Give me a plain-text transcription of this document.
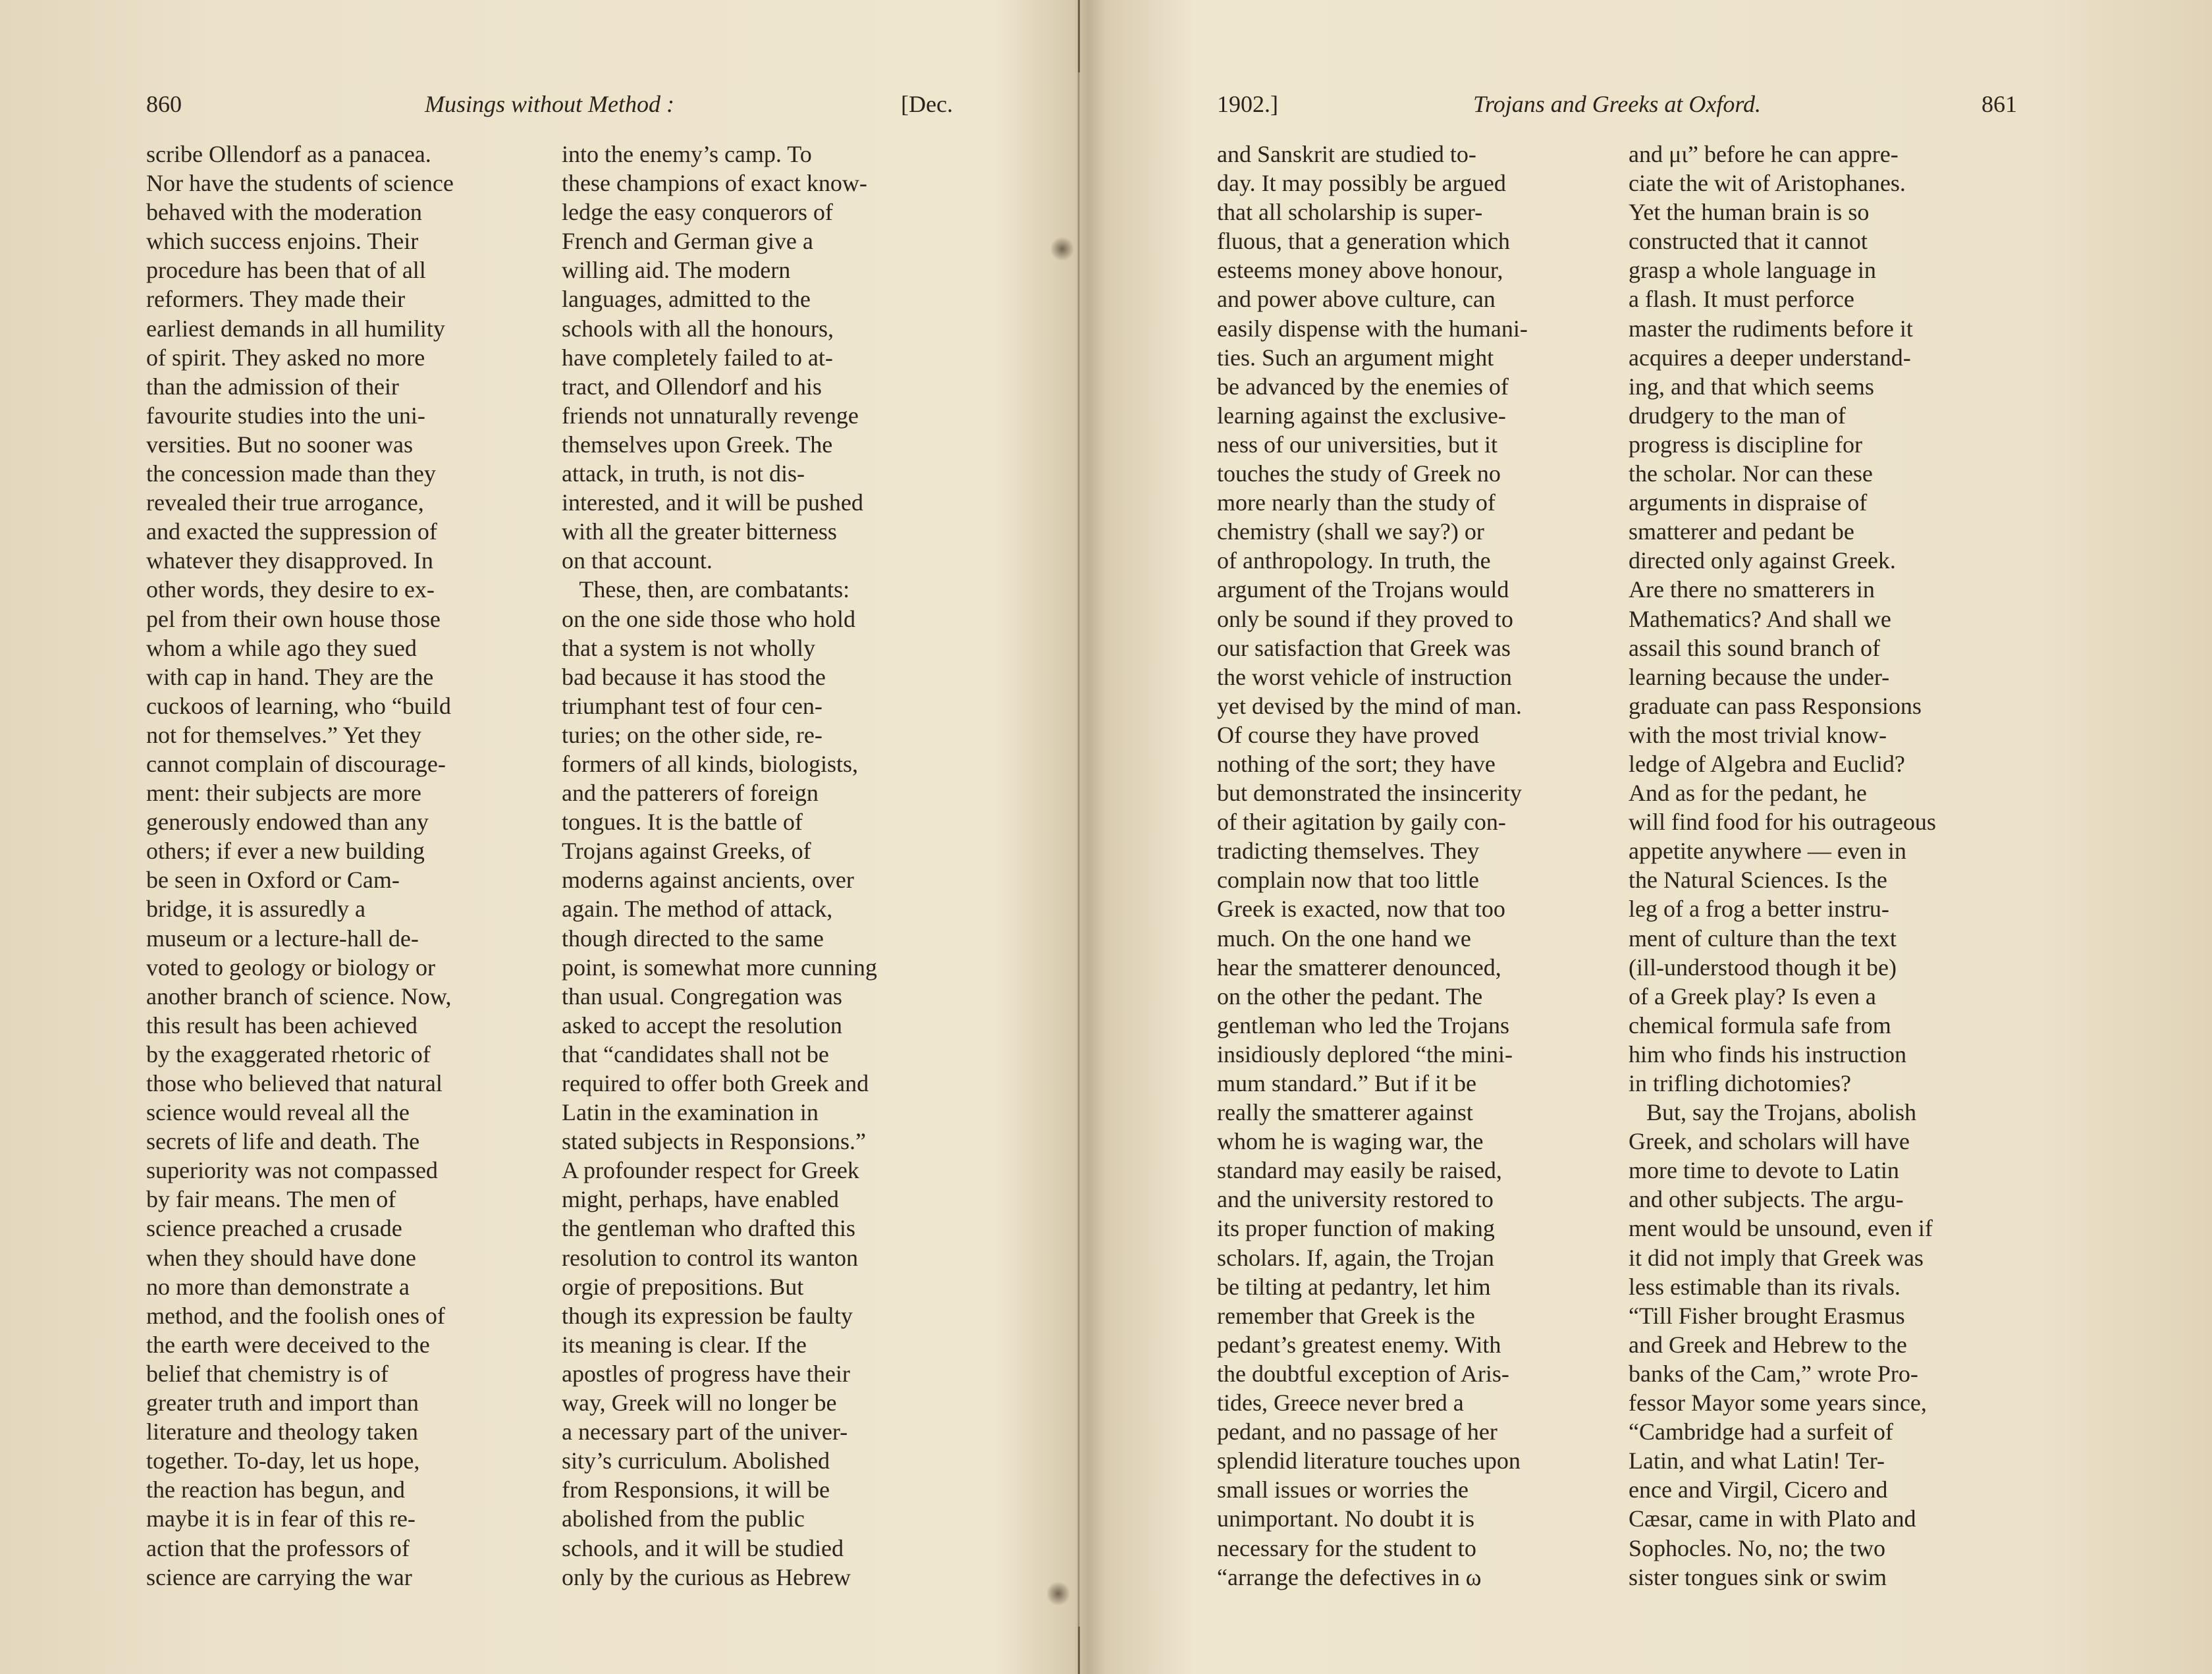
860	Musings without Method :	[Dec.
scribe Ollendorf as a panacea.
Nor have the students of science
behaved with the moderation
which success enjoins. Their
procedure has been that of all
reformers. They made their
earliest demands in all humility
of spirit. They asked no more
than the admission of their
favourite studies into the uni-
versities. But no sooner was
the concession made than they
revealed their true arrogance,
and exacted the suppression of
whatever they disapproved. In
other words, they desire to ex-
pel from their own house those
whom a while ago they sued
with cap in hand. They are the
cuckoos of learning, who “build
not for themselves.” Yet they
cannot complain of discourage-
ment: their subjects are more
generously endowed than any
others; if ever a new building
be seen in Oxford or Cam-
bridge, it is assuredly a
museum or a lecture-hall de-
voted to geology or biology or
another branch of science. Now,
this result has been achieved
by the exaggerated rhetoric of
those who believed that natural
science would reveal all the
secrets of life and death. The
superiority was not compassed
by fair means. The men of
science preached a crusade
when they should have done
no more than demonstrate a
method, and the foolish ones of
the earth were deceived to the
belief that chemistry is of
greater truth and import than
literature and theology taken
together. To-day, let us hope,
the reaction has begun, and
maybe it is in fear of this re-
action that the professors of
science are carrying the war
into the enemy’s camp. To
these champions of exact know-
ledge the easy conquerors of
French and German give a
willing aid. The modern
languages, admitted to the
schools with all the honours,
have completely failed to at-
tract, and Ollendorf and his
friends not unnaturally revenge
themselves upon Greek. The
attack, in truth, is not dis-
interested, and it will be pushed
with all the greater bitterness
on that account.
These, then, are combatants:
on the one side those who hold
that a system is not wholly
bad because it has stood the
triumphant test of four cen-
turies; on the other side, re-
formers of all kinds, biologists,
and the patterers of foreign
tongues. It is the battle of
Trojans against Greeks, of
moderns against ancients, over
again. The method of attack,
though directed to the same
point, is somewhat more cunning
than usual. Congregation was
asked to accept the resolution
that “candidates shall not be
required to offer both Greek and
Latin in the examination in
stated subjects in Responsions.”
A profounder respect for Greek
might, perhaps, have enabled
the gentleman who drafted this
resolution to control its wanton
orgie of prepositions. But
though its expression be faulty
its meaning is clear. If the
apostles of progress have their
way, Greek will no longer be
a necessary part of the univer-
sity’s curriculum. Abolished
from Responsions, it will be
abolished from the public
schools, and it will be studied
only by the curious as Hebrew
1902.]	Trojans and Greeks at Oxford.	861
and Sanskrit are studied to-
day. It may possibly be argued
that all scholarship is super-
fluous, that a generation which
esteems money above honour,
and power above culture, can
easily dispense with the humani-
ties. Such an argument might
be advanced by the enemies of
learning against the exclusive-
ness of our universities, but it
touches the study of Greek no
more nearly than the study of
chemistry (shall we say?) or
of anthropology. In truth, the
argument of the Trojans would
only be sound if they proved to
our satisfaction that Greek was
the worst vehicle of instruction
yet devised by the mind of man.
Of course they have proved
nothing of the sort; they have
but demonstrated the insincerity
of their agitation by gaily con-
tradicting themselves. They
complain now that too little
Greek is exacted, now that too
much. On the one hand we
hear the smatterer denounced,
on the other the pedant. The
gentleman who led the Trojans
insidiously deplored “the mini-
mum standard.” But if it be
really the smatterer against
whom he is waging war, the
standard may easily be raised,
and the university restored to
its proper function of making
scholars. If, again, the Trojan
be tilting at pedantry, let him
remember that Greek is the
pedant’s greatest enemy. With
the doubtful exception of Aris-
tides, Greece never bred a
pedant, and no passage of her
splendid literature touches upon
small issues or worries the
unimportant. No doubt it is
necessary for the student to
“arrange the defectives in ω
and μι” before he can appre-
ciate the wit of Aristophanes.
Yet the human brain is so
constructed that it cannot
grasp a whole language in
a flash. It must perforce
master the rudiments before it
acquires a deeper understand-
ing, and that which seems
drudgery to the man of
progress is discipline for
the scholar. Nor can these
arguments in dispraise of
smatterer and pedant be
directed only against Greek.
Are there no smatterers in
Mathematics? And shall we
assail this sound branch of
learning because the under-
graduate can pass Responsions
with the most trivial know-
ledge of Algebra and Euclid?
And as for the pedant, he
will find food for his outrageous
appetite anywhere — even in
the Natural Sciences. Is the
leg of a frog a better instru-
ment of culture than the text
(ill-understood though it be)
of a Greek play? Is even a
chemical formula safe from
him who finds his instruction
in trifling dichotomies?
But, say the Trojans, abolish
Greek, and scholars will have
more time to devote to Latin
and other subjects. The argu-
ment would be unsound, even if
it did not imply that Greek was
less estimable than its rivals.
“Till Fisher brought Erasmus
and Greek and Hebrew to the
banks of the Cam,” wrote Pro-
fessor Mayor some years since,
“Cambridge had a surfeit of
Latin, and what Latin! Ter-
ence and Virgil, Cicero and
Cæsar, came in with Plato and
Sophocles. No, no; the two
sister tongues sink or swim
